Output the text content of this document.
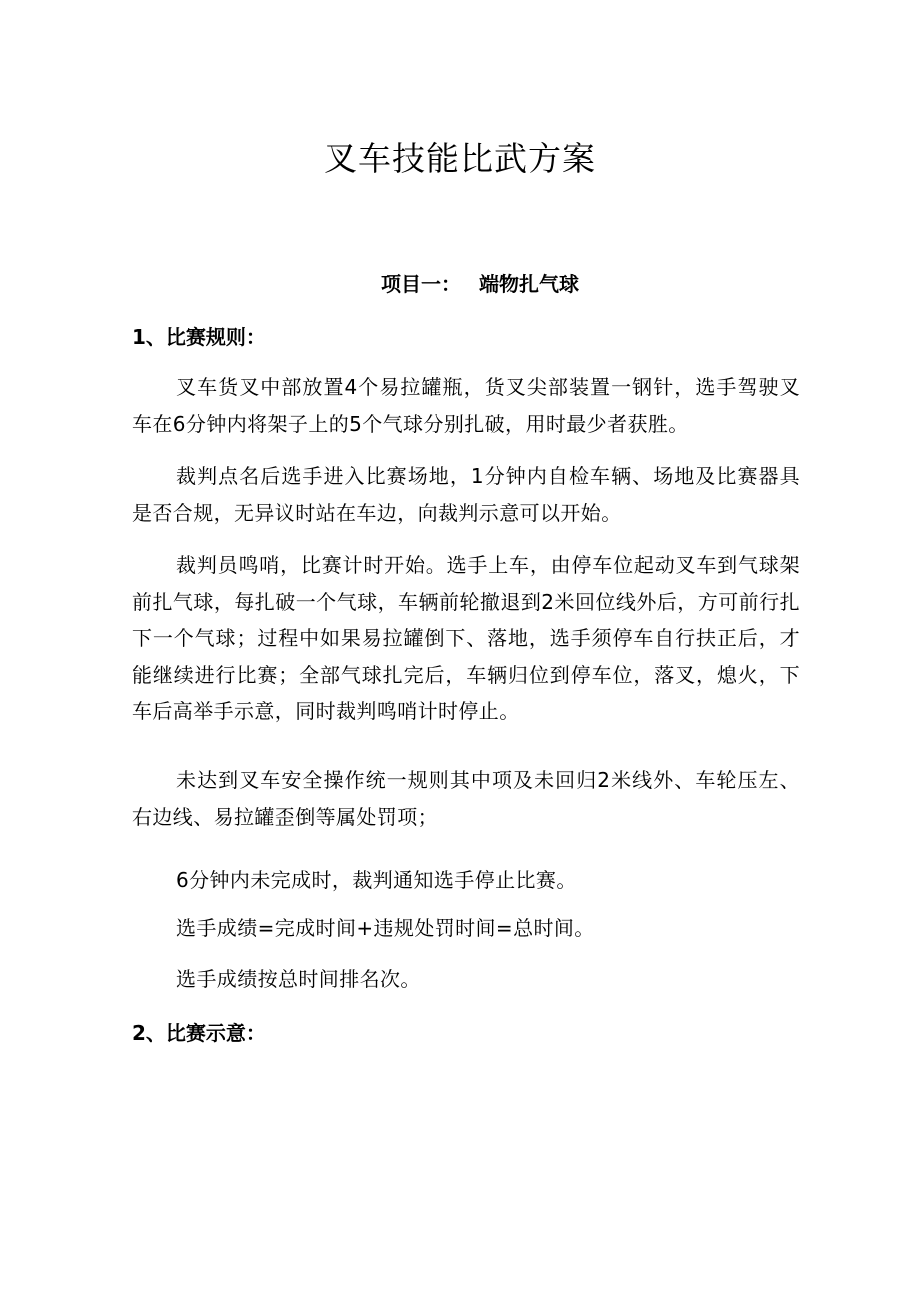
叉车技能比武方案
项目一： 端物扎气球
1、比赛规则：

叉车货叉中部放置4个易拉罐瓶，货叉尖部装置一钢针，选手驾驶叉车在6分钟内将架子上的5个气球分别扎破，用时最少者获胜。

裁判点名后选手进入比赛场地，1分钟内自检车辆、场地及比赛器具是否合规，无异议时站在车边，向裁判示意可以开始。

裁判员鸣哨，比赛计时开始。选手上车，由停车位起动叉车到气球架前扎气球，每扎破一个气球，车辆前轮撤退到2米回位线外后，方可前行扎下一个气球；过程中如果易拉罐倒下、落地，选手须停车自行扶正后，才能继续进行比赛；全部气球扎完后，车辆归位到停车位，落叉，熄火，下车后高举手示意，同时裁判鸣哨计时停止。

未达到叉车安全操作统一规则其中项及未回归2米线外、车轮压左、右边线、易拉罐歪倒等属处罚项；

6分钟内未完成时，裁判通知选手停止比赛。

选手成绩=完成时间+违规处罚时间=总时间。

选手成绩按总时间排名次。

2、比赛示意：
